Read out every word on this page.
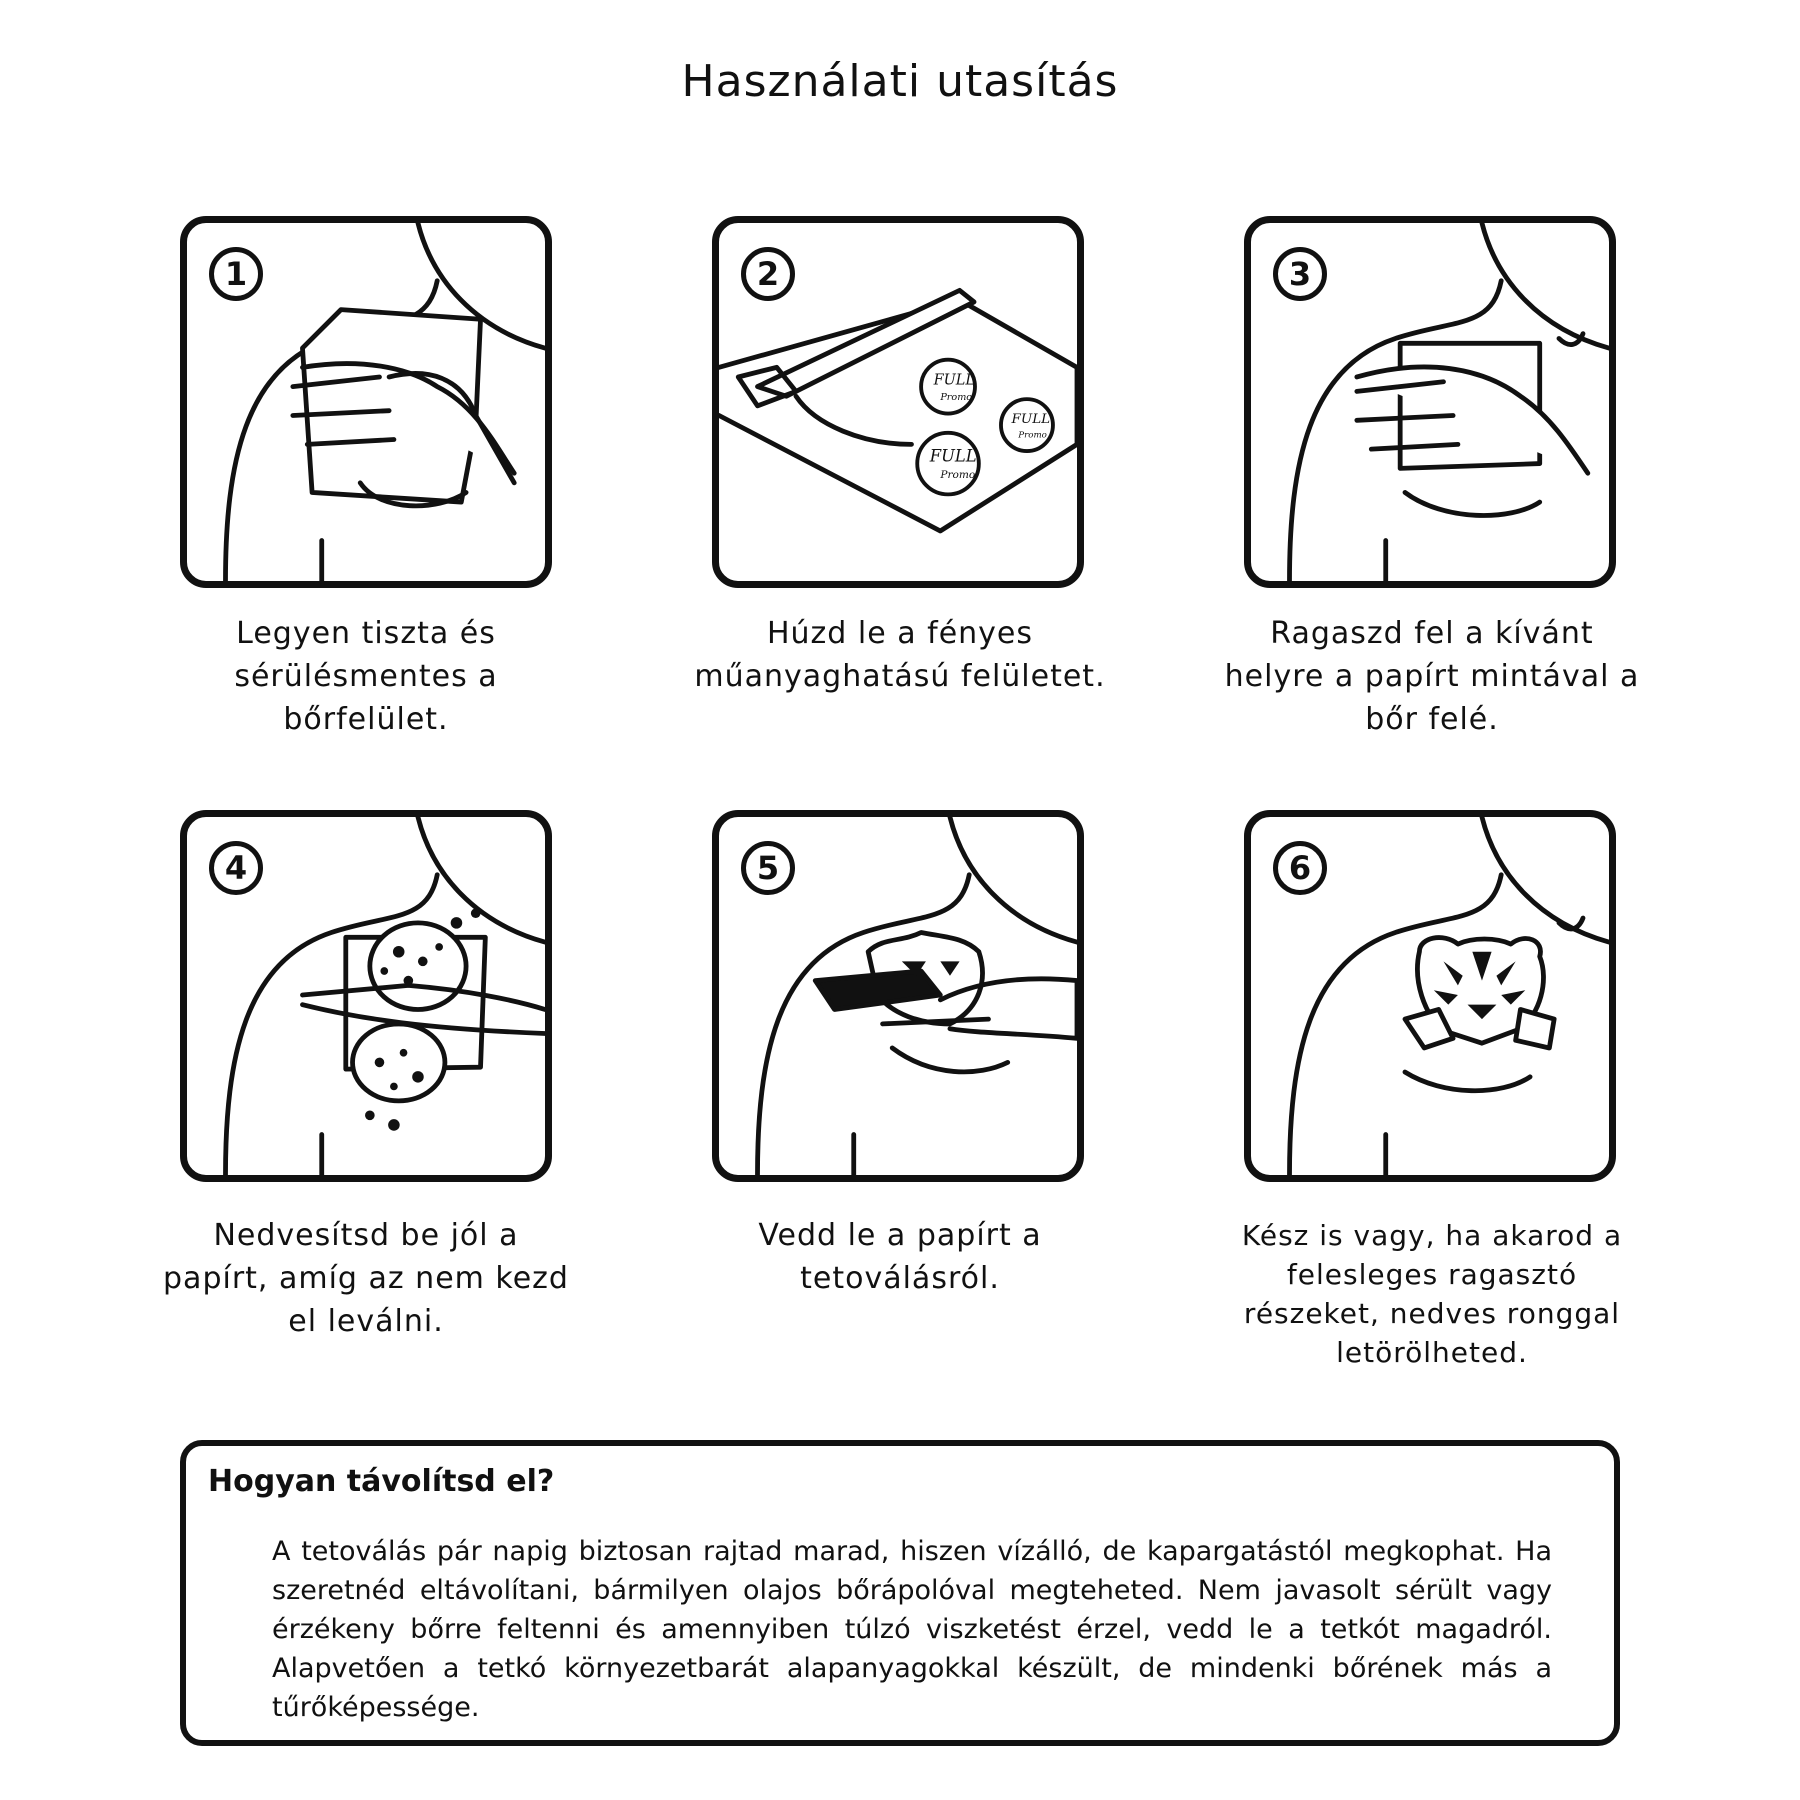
Használati utasítás
1
Legyen tiszta és sérülésmentes a bőrfelület.
2
FULL
Promo
FULL
Promo
FULL
Promo
Húzd le a fényes műanyaghatású felületet.
3
Ragaszd fel a kívánt helyre a papírt mintával a bőr felé.
4
Nedvesítsd be jól a papírt, amíg az nem kezd el leválni.
5
Vedd le a papírt a tetoválásról.
6
Kész is vagy, ha akarod a felesleges ragasztó részeket, nedves ronggal letörölheted.
Hogyan távolítsd el?

A tetoválás pár napig biztosan rajtad marad, hiszen vízálló, de kapargatástól megkophat. Ha szeretnéd eltávolítani, bármilyen olajos bőrápolóval megteheted. Nem javasolt sérült vagy érzékeny bőrre feltenni és amennyiben túlzó viszketést érzel, vedd le a tetkót magadról. Alapvetően a tetkó környezetbarát alapanyagokkal készült, de mindenki bőrének más a tűrőképessége.
